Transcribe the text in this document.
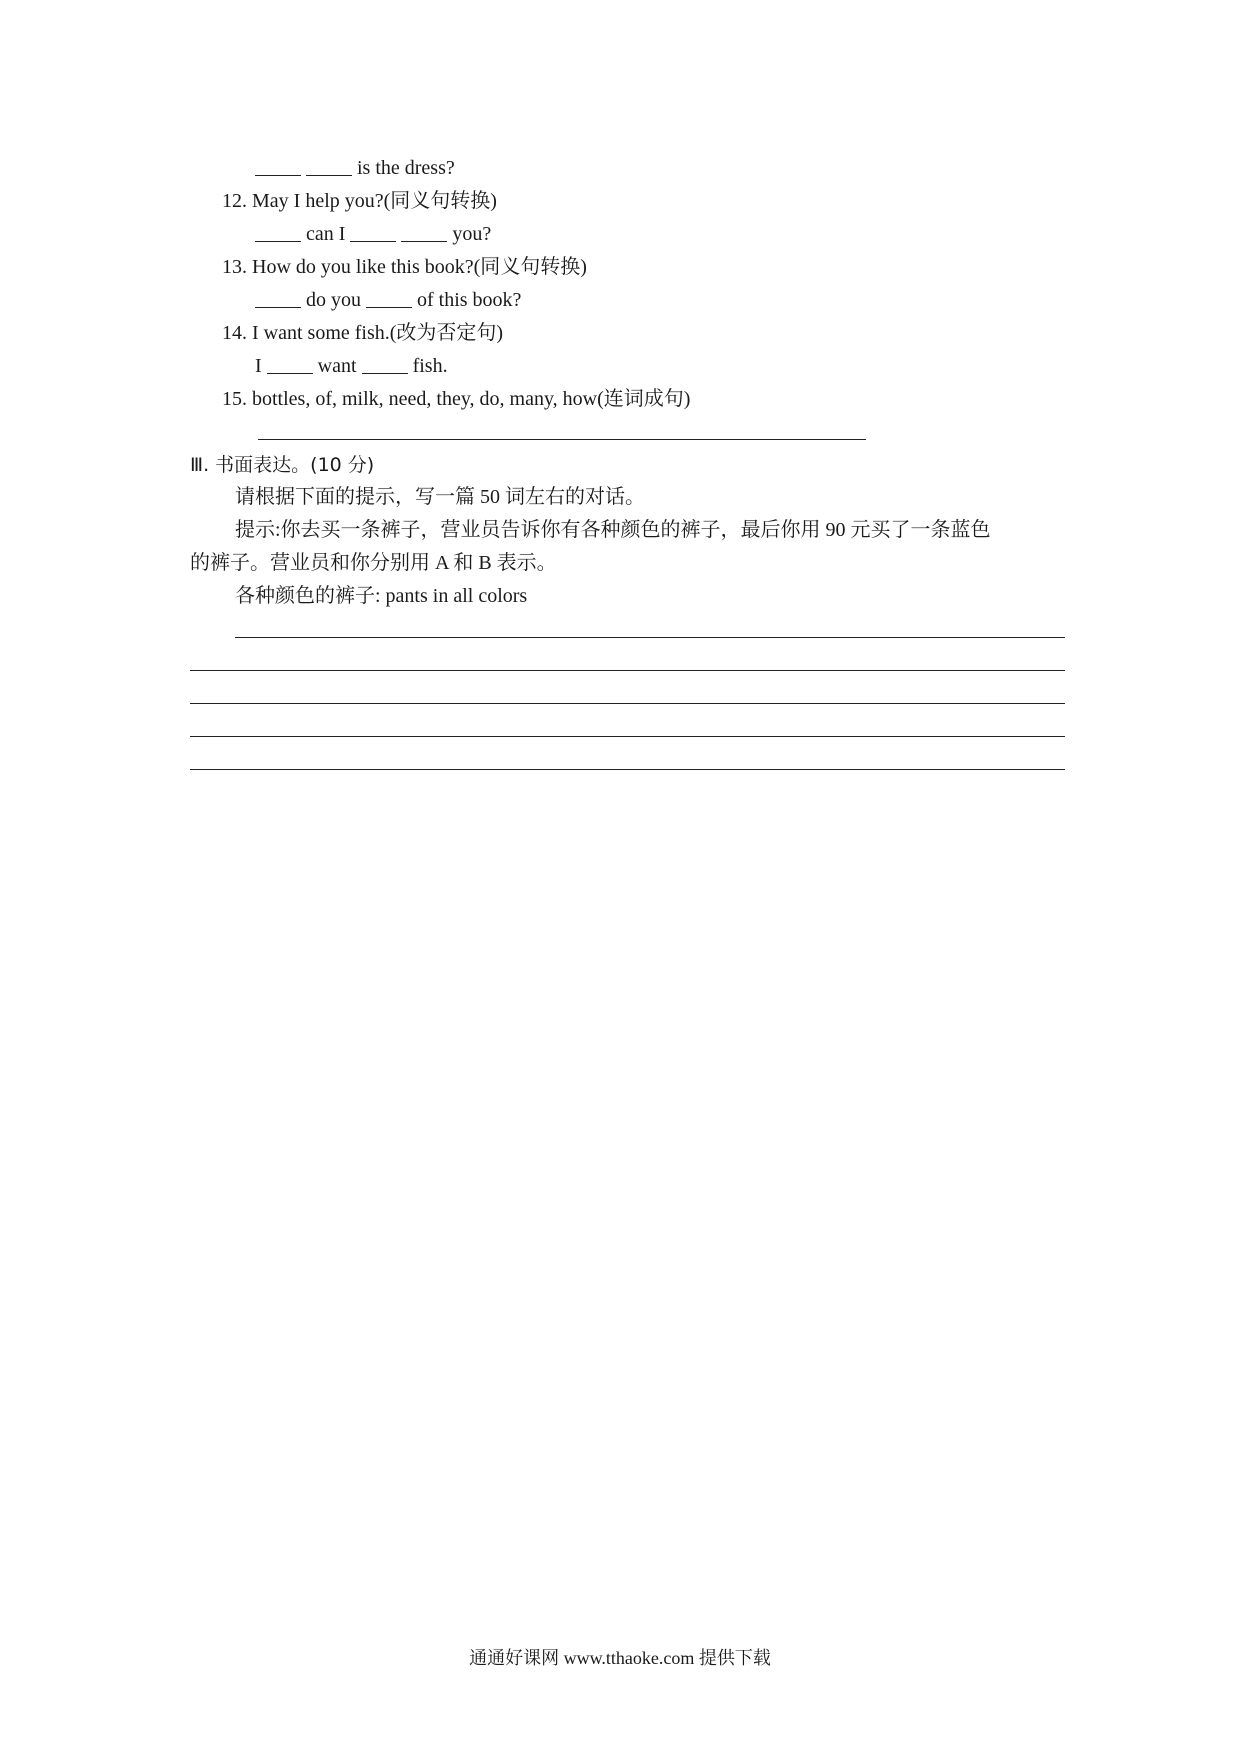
is the dress?
12. May I help you?(同义句转换)
can I	you?
13. How do you like this book?(同义句转换)
do you	of this book?
14. I want some fish.(改为否定句)
I	want	fish.
15. bottles, of, milk, need, they, do, many, how(连词成句)
Ⅲ. 书面表达。(10 分)
请根据下面的提示，写一篇 50 词左右的对话。
提示:你去买一条裤子，营业员告诉你有各种颜色的裤子，最后你用 90 元买了一条蓝色
的裤子。营业员和你分别用 A 和 B 表示。
各种颜色的裤子: pants in all colors
通通好课网 www.tthaoke.com 提供下载
